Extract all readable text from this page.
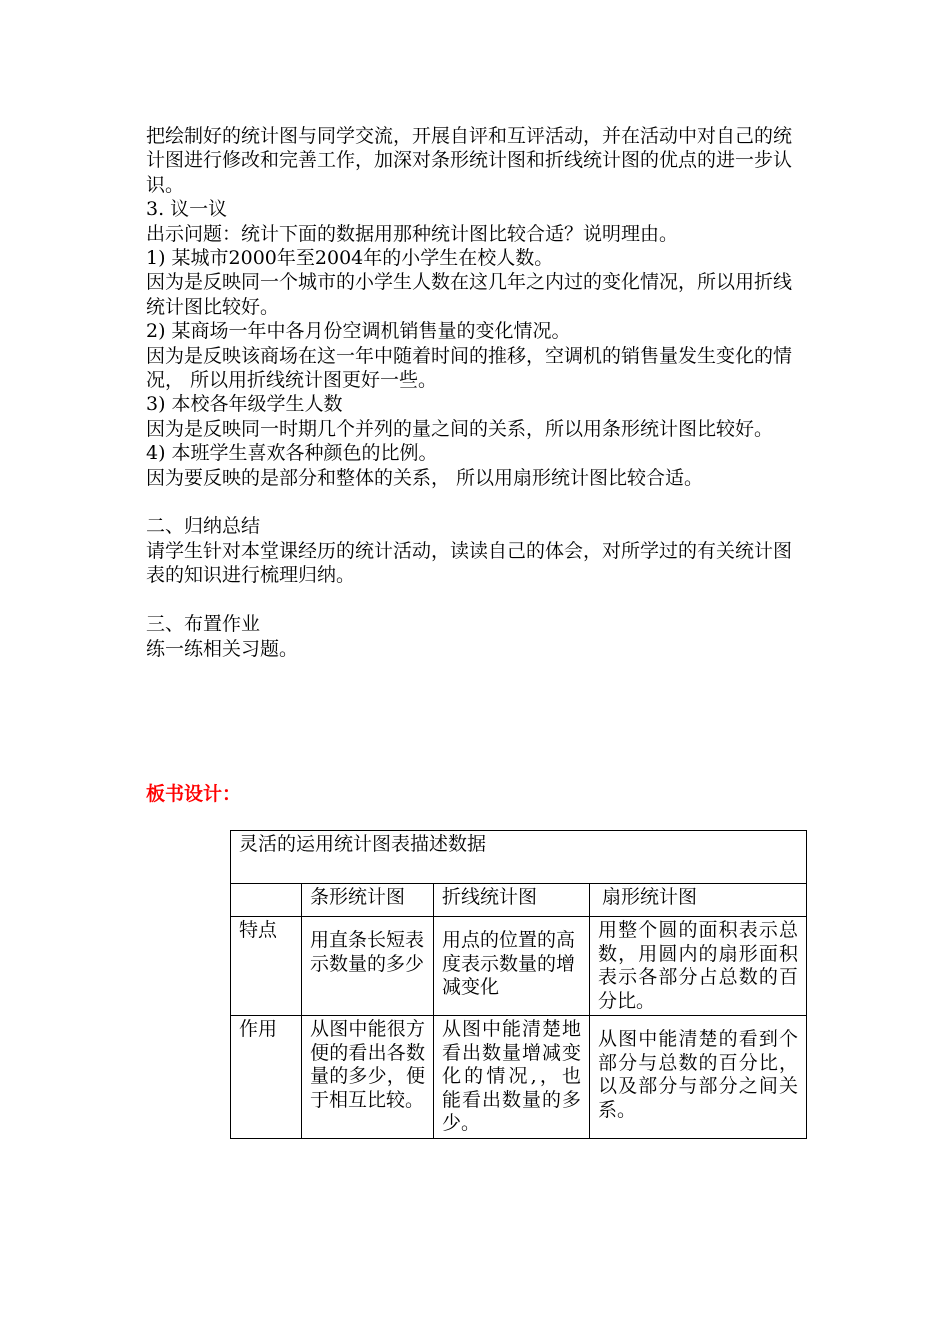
把绘制好的统计图与同学交流，开展自评和互评活动，并在活动中对自己的统计图进行修改和完善工作，加深对条形统计图和折线统计图的优点的进一步认识。

3. 议一议

出示问题：统计下面的数据用那种统计图比较合适？说明理由。

1) 某城市2000年至2004年的小学生在校人数。

因为是反映同一个城市的小学生人数在这几年之内过的变化情况，所以用折线统计图比较好。

2) 某商场一年中各月份空调机销售量的变化情况。

因为是反映该商场在这一年中随着时间的推移，空调机的销售量发生变化的情况， 所以用折线统计图更好一些。

3) 本校各年级学生人数

因为是反映同一时期几个并列的量之间的关系，所以用条形统计图比较好。

4) 本班学生喜欢各种颜色的比例。

因为要反映的是部分和整体的关系， 所以用扇形统计图比较合适。

二、归纳总结

请学生针对本堂课经历的统计活动，读读自己的体会，对所学过的有关统计图表的知识进行梳理归纳。

三、布置作业

练一练相关习题。

板书设计：
灵活的运用统计图表描述数据			
	条形统计图	折线统计图	扇形统计图
特点	用直条长短表示数量的多少	用点的位置的高度表示数量的增减变化	用整个圆的面积表示总数，用圆内的扇形面积表示各部分占总数的百分比。
作用	从图中能很方便的看出各数量的多少，便于相互比较。	从图中能清楚地看出数量增减变化的情况,，也能看出数量的多少。	从图中能清楚的看到个部分与总数的百分比，以及部分与部分之间关系。
